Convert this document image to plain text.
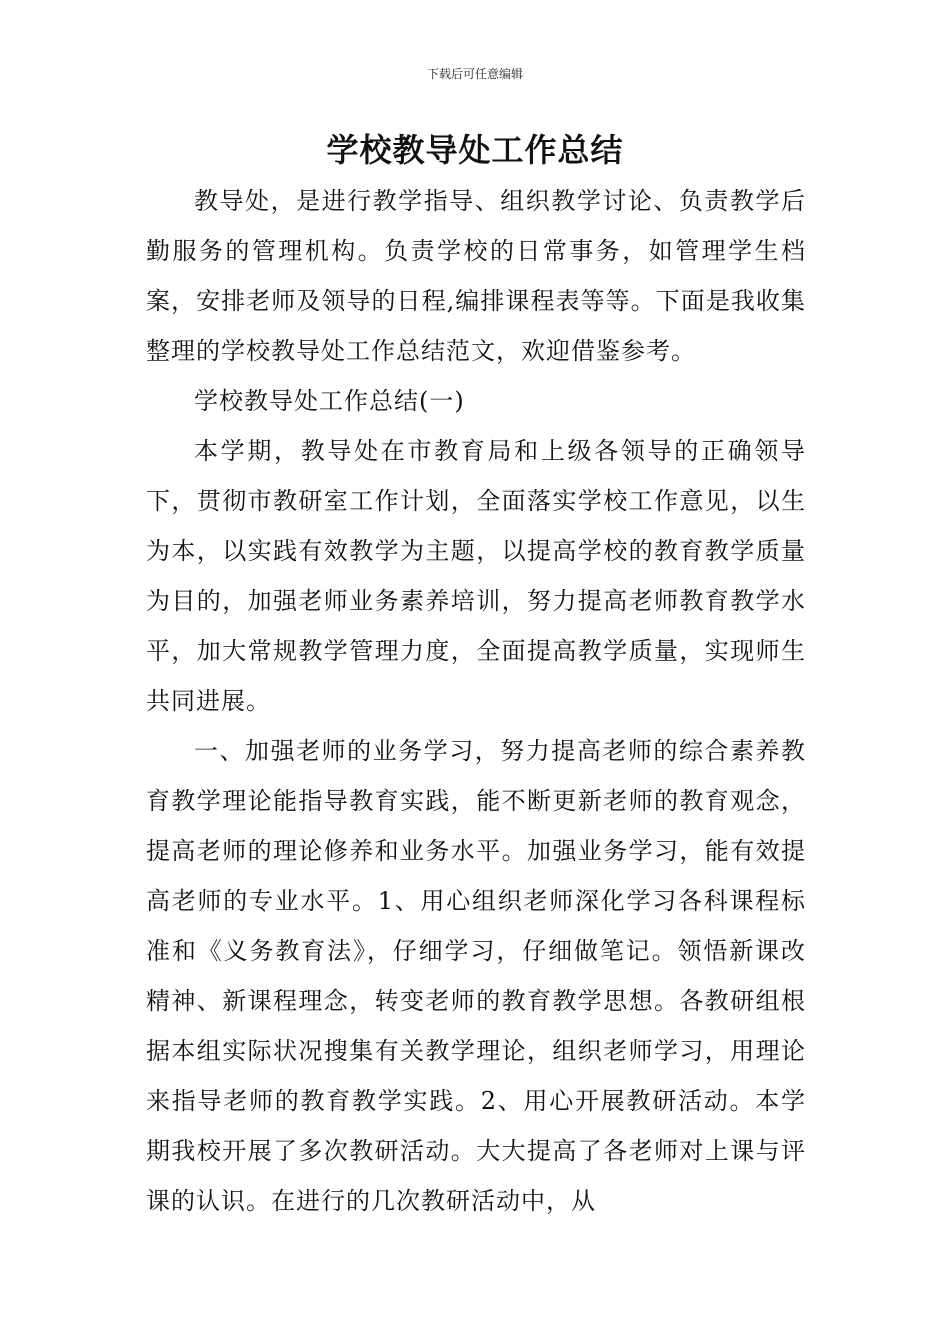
下载后可任意编辑
学校教导处工作总结

教导处，是进行教学指导、组织教学讨论、负责教学后勤服务的管理机构。负责学校的日常事务，如管理学生档案，安排老师及领导的日程,编排课程表等等。下面是我收集整理的学校教导处工作总结范文，欢迎借鉴参考。

学校教导处工作总结(一)

本学期，教导处在市教育局和上级各领导的正确领导下，贯彻市教研室工作计划，全面落实学校工作意见，以生为本，以实践有效教学为主题，以提高学校的教育教学质量为目的，加强老师业务素养培训，努力提高老师教育教学水平，加大常规教学管理力度，全面提高教学质量，实现师生共同进展。

一、加强老师的业务学习，努力提高老师的综合素养教育教学理论能指导教育实践，能不断更新老师的教育观念，提高老师的理论修养和业务水平。加强业务学习，能有效提高老师的专业水平。1、用心组织老师深化学习各科课程标准和《义务教育法》，仔细学习，仔细做笔记。领悟新课改精神、新课程理念，转变老师的教育教学思想。各教研组根据本组实际状况搜集有关教学理论，组织老师学习，用理论来指导老师的教育教学实践。2、用心开展教研活动。本学期我校开展了多次教研活动。大大提高了各老师对上课与评课的认识。在进行的几次教研活动中，从
